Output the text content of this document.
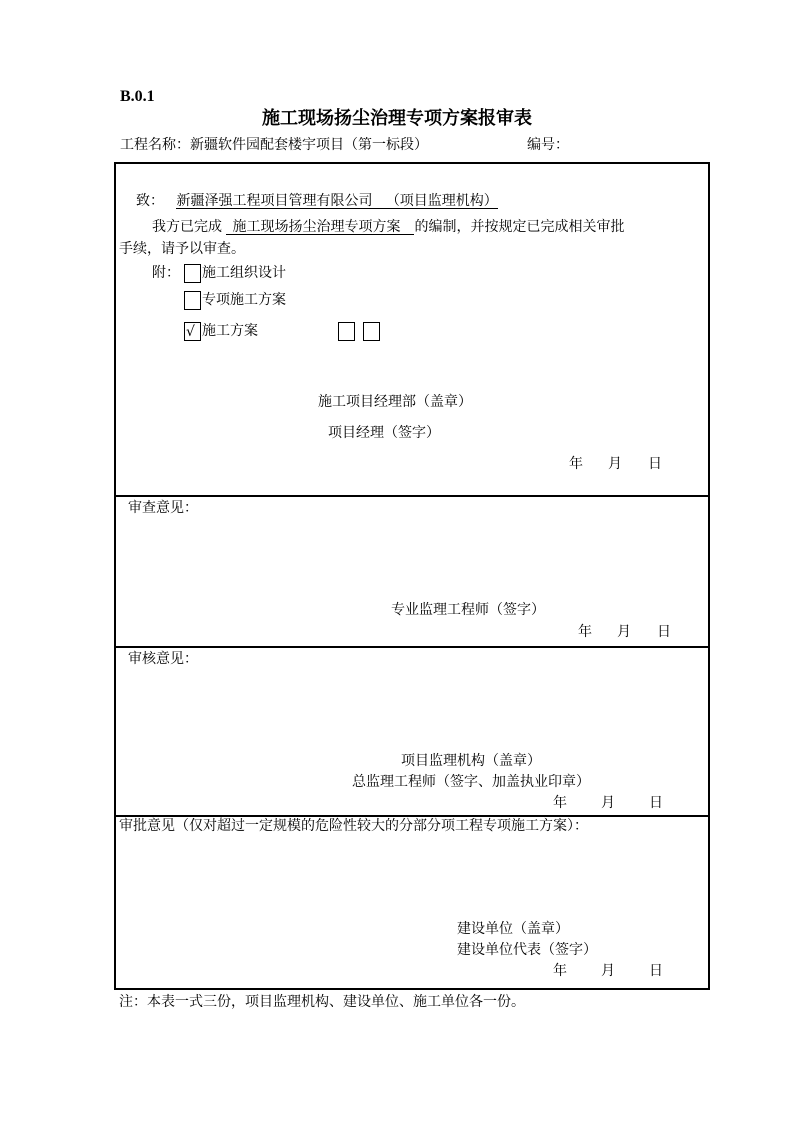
B.0.1
施工现场扬尘治理专项方案报审表
工程名称：新疆软件园配套楼宇项目（第一标段）	编号：
致： 新疆泽强工程项目管理有限公司 （项目监理机构）
我方已完成 施工现场扬尘治理专项方案 的编制，并按规定已完成相关审批
手续，请予以审查。
附： 施工组织设计
专项施工方案
√ 施工方案
施工项目经理部（盖章）
项目经理（签字）
年 月 日
审查意见：
专业监理工程师（签字）
年 月 日
审核意见：
项目监理机构（盖章）
总监理工程师（签字、加盖执业印章）
年 月 日
审批意见（仅对超过一定规模的危险性较大的分部分项工程专项施工方案）：
建设单位（盖章）
建设单位代表（签字）
年 月 日
注：本表一式三份，项目监理机构、建设单位、施工单位各一份。
